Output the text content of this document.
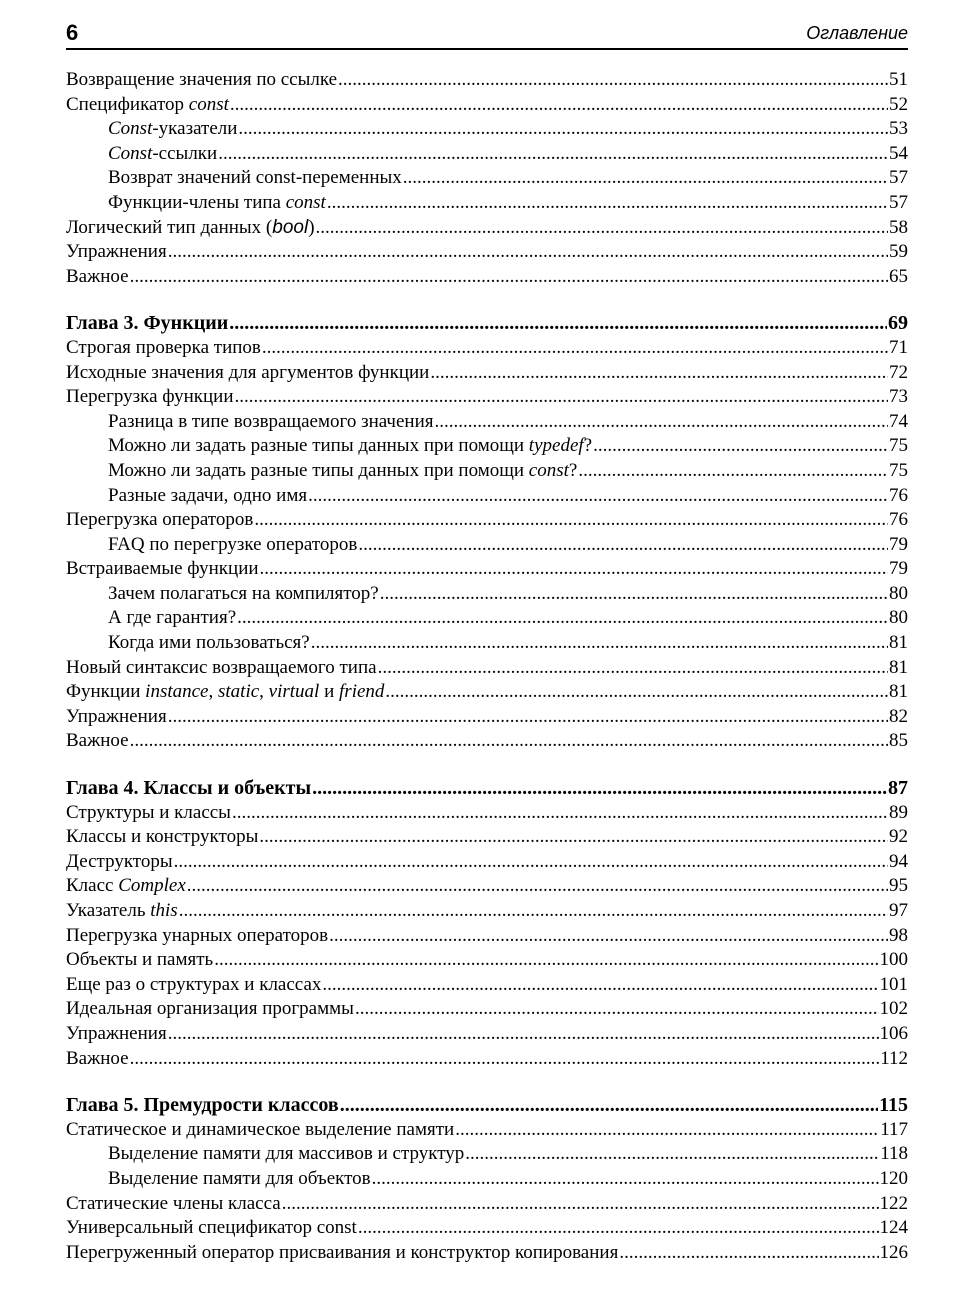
6	Оглавление
Возвращение значения по ссылке .....	51
Спецификатор const .....	52
Const-указатели .....	53
Const-ссылки .....	54
Возврат значений const-переменных .....	57
Функции-члены типа const .....	57
Логический тип данных (bool) .....	58
Упражнения .....	59
Важное .....	65
Глава 3. Функции .....	69
Строгая проверка типов .....	71
Исходные значения для аргументов функции .....	72
Перегрузка функции .....	73
Разница в типе возвращаемого значения .....	74
Можно ли задать разные типы данных при помощи typedef? .....	75
Можно ли задать разные типы данных при помощи const? .....	75
Разные задачи, одно имя .....	76
Перегрузка операторов .....	76
FAQ по перегрузке операторов .....	79
Встраиваемые функции .....	79
Зачем полагаться на компилятор? .....	80
А где гарантия? .....	80
Когда ими пользоваться? .....	81
Новый синтаксис возвращаемого типа .....	81
Функции instance, static, virtual и friend .....	81
Упражнения .....	82
Важное .....	85
Глава 4. Классы и объекты .....	87
Структуры и классы .....	89
Классы и конструкторы .....	92
Деструкторы .....	94
Класс Complex .....	95
Указатель this .....	97
Перегрузка унарных операторов .....	98
Объекты и память .....	100
Еще раз о структурах и классах .....	101
Идеальная организация программы .....	102
Упражнения .....	106
Важное .....	112
Глава 5. Премудрости классов .....	115
Статическое и динамическое выделение памяти .....	117
Выделение памяти для массивов и структур .....	118
Выделение памяти для объектов .....	120
Статические члены класса .....	122
Универсальный спецификатор const .....	124
Перегруженный оператор присваивания и конструктор копирования .....	126
